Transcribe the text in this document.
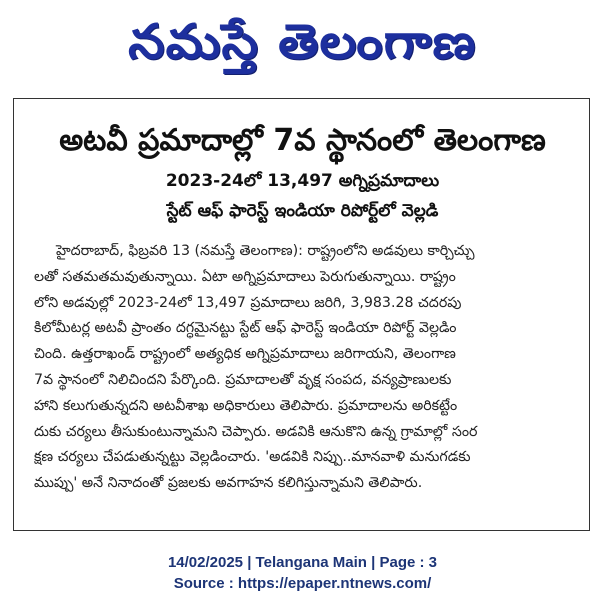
నమస్తే తెలంగాణ
అటవీ ప్రమాదాల్లో 7వ స్థానంలో తెలంగాణ
2023-24లో 13,497 అగ్నిప్రమాదాలు
స్టేట్ ఆఫ్ ఫారెస్ట్ ఇండియా రిపోర్ట్‌లో వెల్లడి
హైదరాబాద్, ఫిబ్రవరి 13 (నమస్తే తెలంగాణ): రాష్ట్రంలోని అడవులు కార్చిచ్చు
లతో సతమతమవుతున్నాయి. ఏటా అగ్నిప్రమాదాలు పెరుగుతున్నాయి. రాష్ట్రం
లోని అడవుల్లో 2023-24లో 13,497 ప్రమాదాలు జరిగి, 3,983.28 చదరపు
కిలోమీటర్ల అటవీ ప్రాంతం దగ్ధమైనట్టు స్టేట్ ఆఫ్ ఫారెస్ట్ ఇండియా రిపోర్ట్ వెల్లడిం
చింది. ఉత్తరాఖండ్ రాష్ట్రంలో అత్యధిక అగ్నిప్రమాదాలు జరిగాయని, తెలంగాణ
7వ స్థానంలో నిలిచిందని పేర్కొంది. ప్రమాదాలతో వృక్ష సంపద, వన్యప్రాణులకు
హాని కలుగుతున్నదని అటవీశాఖ అధికారులు తెలిపారు. ప్రమాదాలను అరికట్టేం
దుకు చర్యలు తీసుకుంటున్నామని చెప్పారు. అడవికి ఆనుకొని ఉన్న గ్రామాల్లో సంర
క్షణ చర్యలు చేపడుతున్నట్టు వెల్లడించారు. 'అడవికి నిప్పు..మానవాళి మనుగడకు
ముప్పు' అనే నినాదంతో ప్రజలకు అవగాహన కలిగిస్తున్నామని తెలిపారు.
14/02/2025 | Telangana Main | Page : 3
Source : https://epaper.ntnews.com/
